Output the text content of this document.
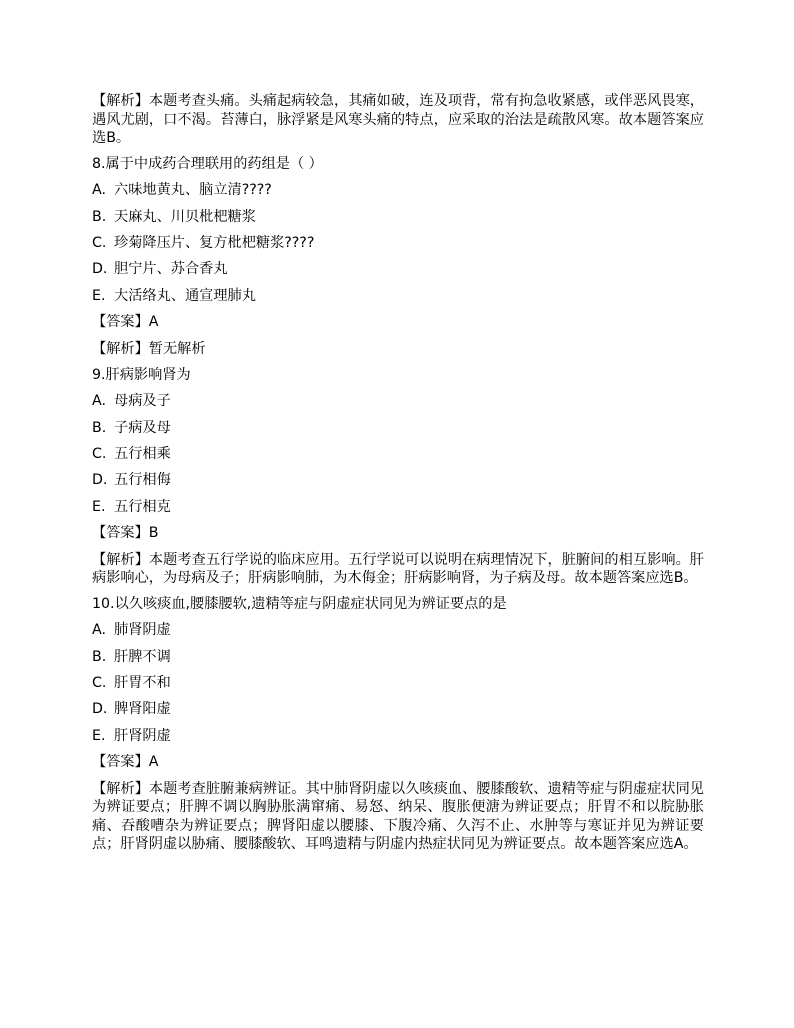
【解析】本题考查头痛。头痛起病较急，其痛如破，连及项背，常有拘急收紧感，或伴恶风畏寒，遇风尤剧，口不渴。苔薄白，脉浮紧是风寒头痛的特点，应采取的治法是疏散风寒。故本题答案应选B。

8.属于中成药合理联用的药组是（ ）
A. 六味地黄丸、脑立清????
B. 天麻丸、川贝枇杷糖浆
C. 珍菊降压片、复方枇杷糖浆????
D. 胆宁片、苏合香丸
E. 大活络丸、通宣理肺丸
【答案】A
【解析】暂无解析
9.肝病影响肾为
A. 母病及子
B. 子病及母
C. 五行相乘
D. 五行相侮
E. 五行相克
【答案】B

【解析】本题考查五行学说的临床应用。五行学说可以说明在病理情况下，脏腑间的相互影响。肝病影响心，为母病及子；肝病影响肺，为木侮金；肝病影响肾，为子病及母。故本题答案应选B。

10.以久咳痰血,腰膝腰软,遗精等症与阴虚症状同见为辨证要点的是
A. 肺肾阴虚
B. 肝脾不调
C. 肝胃不和
D. 脾肾阳虚
E. 肝肾阴虚
【答案】A

【解析】本题考查脏腑兼病辨证。其中肺肾阴虚以久咳痰血、腰膝酸软、遗精等症与阴虚症状同见为辨证要点；肝脾不调以胸胁胀满窜痛、易怒、纳呆、腹胀便溏为辨证要点；肝胃不和以脘胁胀痛、吞酸嘈杂为辨证要点；脾肾阳虚以腰膝、下腹冷痛、久泻不止、水肿等与寒证并见为辨证要点；肝肾阴虚以胁痛、腰膝酸软、耳鸣遗精与阴虚内热症状同见为辨证要点。故本题答案应选A。
